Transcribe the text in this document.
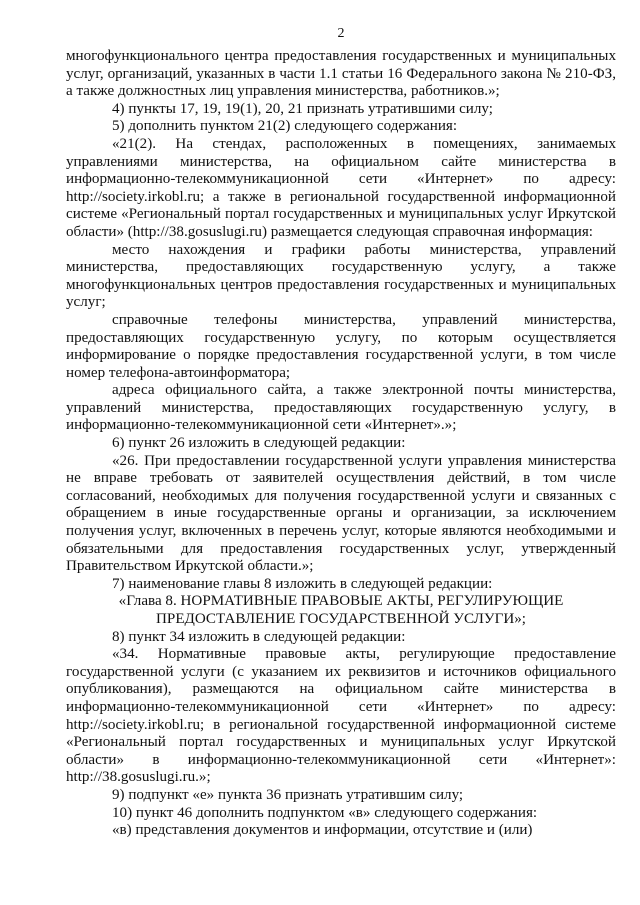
2

многофункционального центра предоставления государственных и муниципальных услуг, организаций, указанных в части 1.1 статьи 16 Федерального закона № 210-ФЗ, а также должностных лиц управления министерства, работников.»;

4) пункты 17, 19, 19(1), 20, 21 признать утратившими силу;

5) дополнить пунктом 21(2) следующего содержания:

«21(2). На стендах, расположенных в помещениях, занимаемых управлениями министерства, на официальном сайте министерства в информационно-телекоммуникационной сети «Интернет» по адресу: http://society.irkobl.ru; а также в региональной государственной информационной системе «Региональный портал государственных и муниципальных услуг Иркутской области» (http://38.gosuslugi.ru) размещается следующая справочная информация:

место нахождения и графики работы министерства, управлений министерства, предоставляющих государственную услугу, а также многофункциональных центров предоставления государственных и муниципальных услуг;

справочные телефоны министерства, управлений министерства, предоставляющих государственную услугу, по которым осуществляется информирование о порядке предоставления государственной услуги, в том числе номер телефона-автоинформатора;

адреса официального сайта, а также электронной почты министерства, управлений министерства, предоставляющих государственную услугу, в информационно-телекоммуникационной сети «Интернет».»;

6) пункт 26 изложить в следующей редакции:

«26. При предоставлении государственной услуги управления министерства не вправе требовать от заявителей осуществления действий, в том числе согласований, необходимых для получения государственной услуги и связанных с обращением в иные государственные органы и организации, за исключением получения услуг, включенных в перечень услуг, которые являются необходимыми и обязательными для предоставления государственных услуг, утвержденный Правительством Иркутской области.»;

7) наименование главы 8 изложить в следующей редакции:

«Глава 8. НОРМАТИВНЫЕ ПРАВОВЫЕ АКТЫ, РЕГУЛИРУЮЩИЕ
ПРЕДОСТАВЛЕНИЕ ГОСУДАРСТВЕННОЙ УСЛУГИ»;

8) пункт 34 изложить в следующей редакции:

«34. Нормативные правовые акты, регулирующие предоставление государственной услуги (с указанием их реквизитов и источников официального опубликования), размещаются на официальном сайте министерства в информационно-телекоммуникационной сети «Интернет» по адресу: http://society.irkobl.ru; в региональной государственной информационной системе «Региональный портал государственных и муниципальных услуг Иркутской области» в информационно-телекоммуникационной сети «Интернет»: http://38.gosuslugi.ru.»;

9) подпункт «е» пункта 36 признать утратившим силу;

10) пункт 46 дополнить подпунктом «в» следующего содержания:

«в) представления документов и информации, отсутствие и (или)
